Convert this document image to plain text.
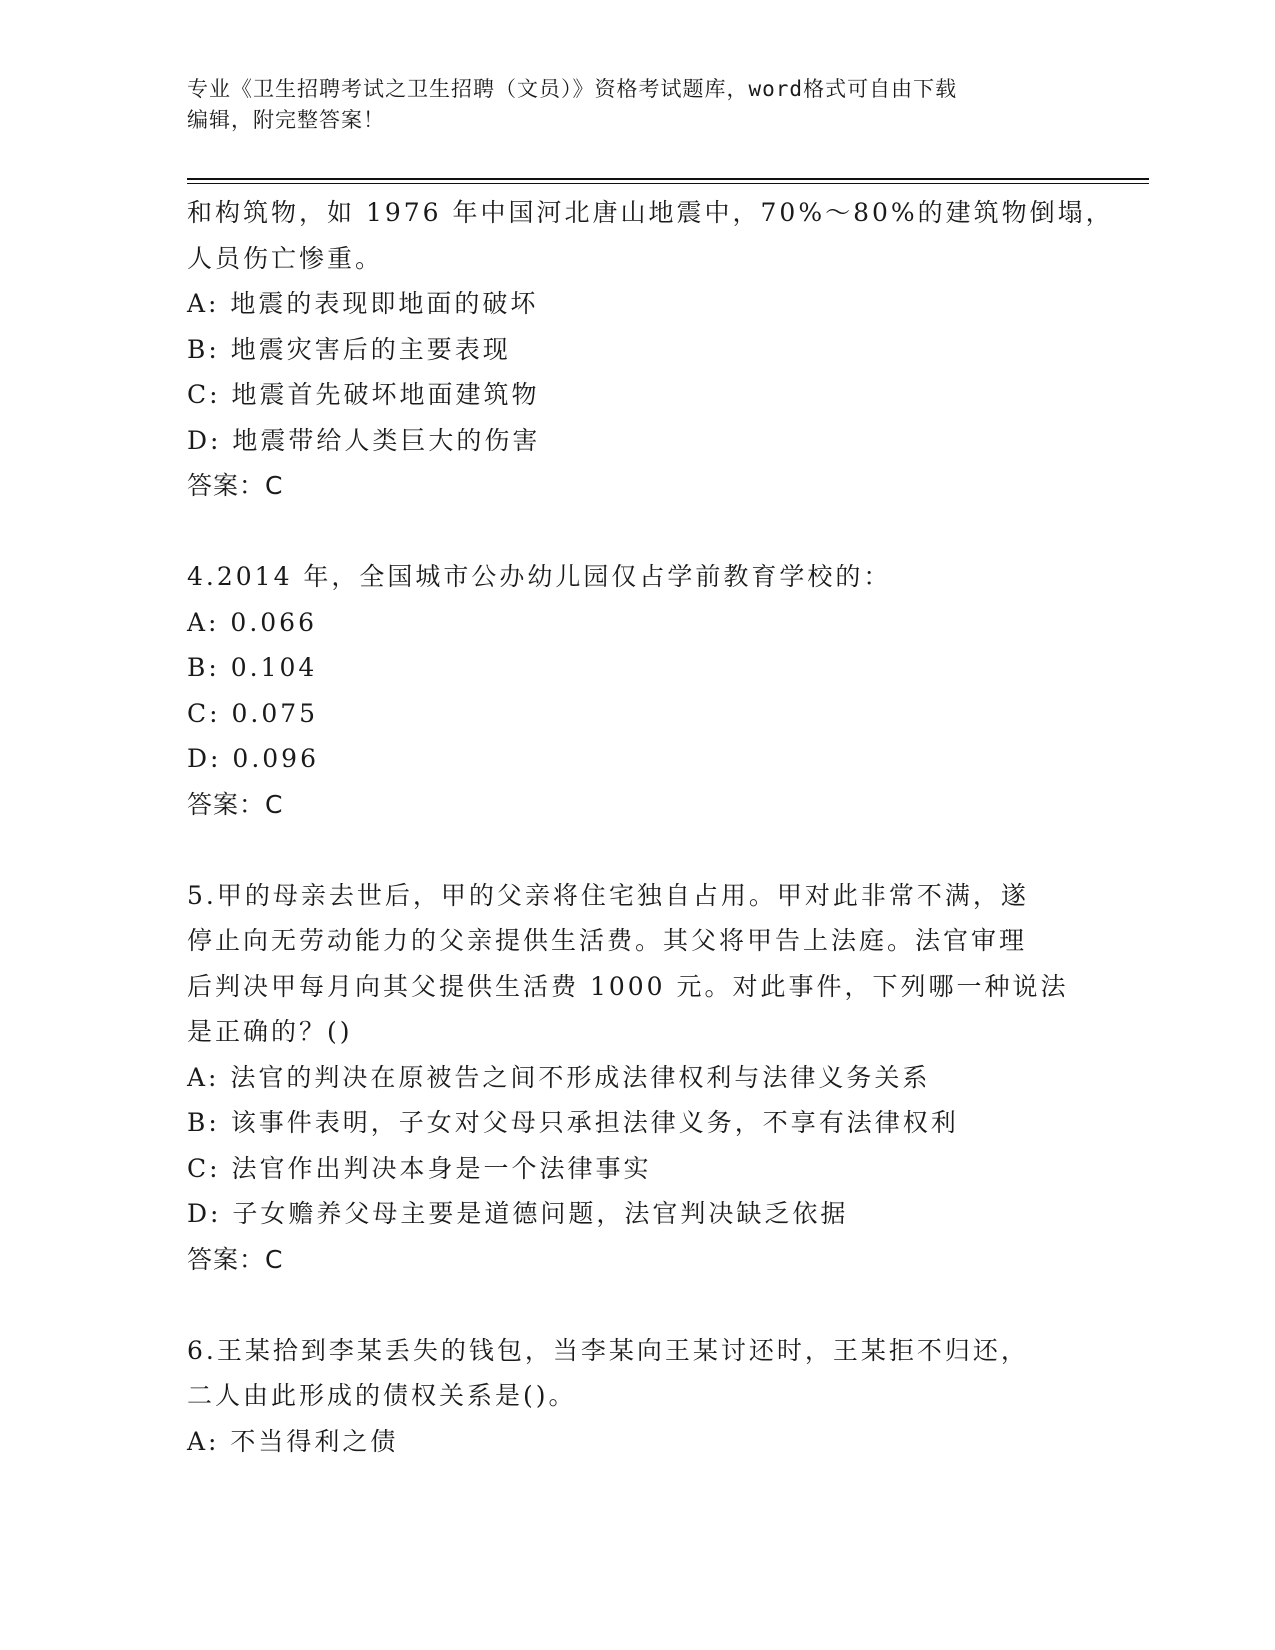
专业《卫生招聘考试之卫生招聘（文员）》资格考试题库，word格式可自由下载
编辑，附完整答案！
和构筑物，如 1976 年中国河北唐山地震中，70%～80%的建筑物倒塌，
人员伤亡惨重。
A: 地震的表现即地面的破坏
B: 地震灾害后的主要表现
C: 地震首先破坏地面建筑物
D: 地震带给人类巨大的伤害
答案：C
4.2014 年，全国城市公办幼儿园仅占学前教育学校的：
A: 0.066
B: 0.104
C: 0.075
D: 0.096
答案：C
5.甲的母亲去世后，甲的父亲将住宅独自占用。甲对此非常不满，遂
停止向无劳动能力的父亲提供生活费。其父将甲告上法庭。法官审理
后判决甲每月向其父提供生活费 1000 元。对此事件，下列哪一种说法
是正确的？()
A: 法官的判决在原被告之间不形成法律权利与法律义务关系
B: 该事件表明，子女对父母只承担法律义务，不享有法律权利
C: 法官作出判决本身是一个法律事实
D: 子女赡养父母主要是道德问题，法官判决缺乏依据
答案：C
6.王某拾到李某丢失的钱包，当李某向王某讨还时，王某拒不归还，
二人由此形成的债权关系是()。
A: 不当得利之债
